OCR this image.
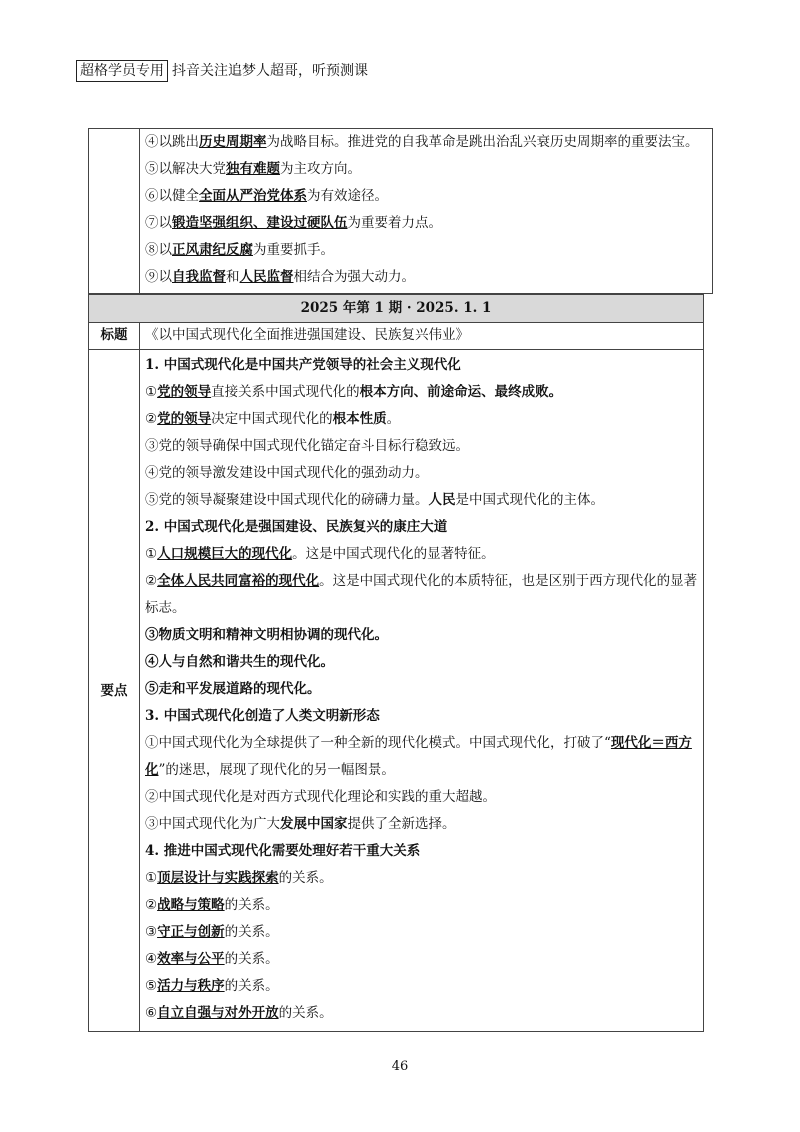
超格学员专用 抖音关注追梦人超哥，听预测课
④以跳出历史周期率为战略目标。推进党的自我革命是跳出治乱兴衰历史周期率的重要法宝。
⑤以解决大党独有难题为主攻方向。
⑥以健全全面从严治党体系为有效途径。
⑦以锻造坚强组织、建设过硬队伍为重要着力点。
⑧以正风肃纪反腐为重要抓手。
⑨以自我监督和人民监督相结合为强大动力。
2025 年第 1 期 · 2025. 1. 1
标题	《以中国式现代化全面推进强国建设、民族复兴伟业》
要点
1. 中国式现代化是中国共产党领导的社会主义现代化
①党的领导直接关系中国式现代化的根本方向、前途命运、最终成败。
②党的领导决定中国式现代化的根本性质。
③党的领导确保中国式现代化锚定奋斗目标行稳致远。
④党的领导激发建设中国式现代化的强劲动力。
⑤党的领导凝聚建设中国式现代化的磅礴力量。人民是中国式现代化的主体。
2. 中国式现代化是强国建设、民族复兴的康庄大道
①人口规模巨大的现代化。这是中国式现代化的显著特征。
②全体人民共同富裕的现代化。这是中国式现代化的本质特征，也是区别于西方现代化的显著
标志。
③物质文明和精神文明相协调的现代化。
④人与自然和谐共生的现代化。
⑤走和平发展道路的现代化。
3. 中国式现代化创造了人类文明新形态
①中国式现代化为全球提供了一种全新的现代化模式。中国式现代化，打破了“现代化＝西方
化”的迷思，展现了现代化的另一幅图景。
②中国式现代化是对西方式现代化理论和实践的重大超越。
③中国式现代化为广大发展中国家提供了全新选择。
4. 推进中国式现代化需要处理好若干重大关系
①顶层设计与实践探索的关系。
②战略与策略的关系。
③守正与创新的关系。
④效率与公平的关系。
⑤活力与秩序的关系。
⑥自立自强与对外开放的关系。
46
